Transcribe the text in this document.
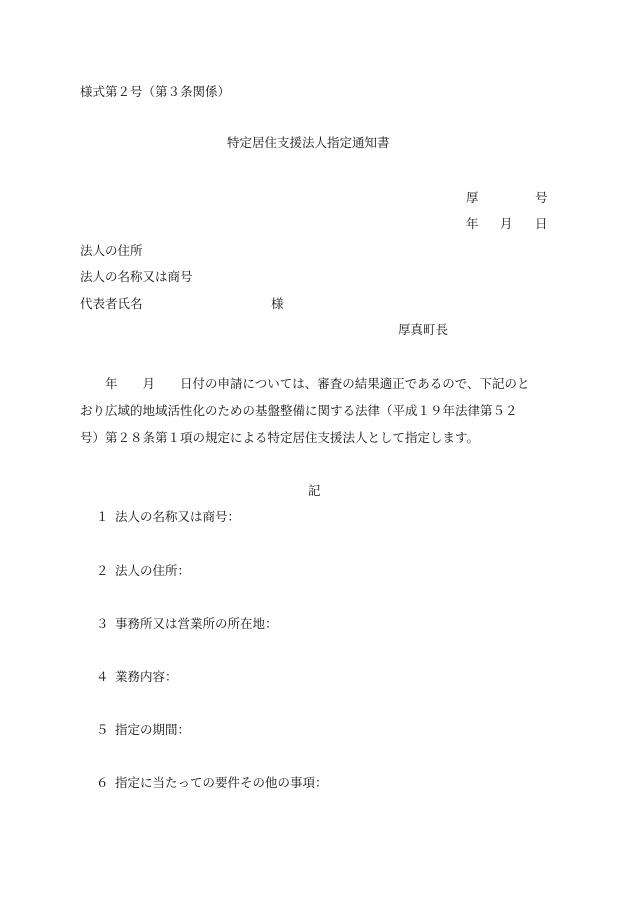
様式第２号（第３条関係）
特定居住支援法人指定通知書
厚	号
年 月 日
法人の住所
法人の名称又は商号
代表者氏名	様
厚真町長
　　年　　月　　日付の申請については、審査の結果適正であるので、下記のと
おり広域的地域活性化のための基盤整備に関する法律（平成１９年法律第５２
号）第２８条第１項の規定による特定居住支援法人として指定します。
記
１ 法人の名称又は商号：
２ 法人の住所：
３ 事務所又は営業所の所在地：
４ 業務内容：
５ 指定の期間：
６ 指定に当たっての要件その他の事項：
